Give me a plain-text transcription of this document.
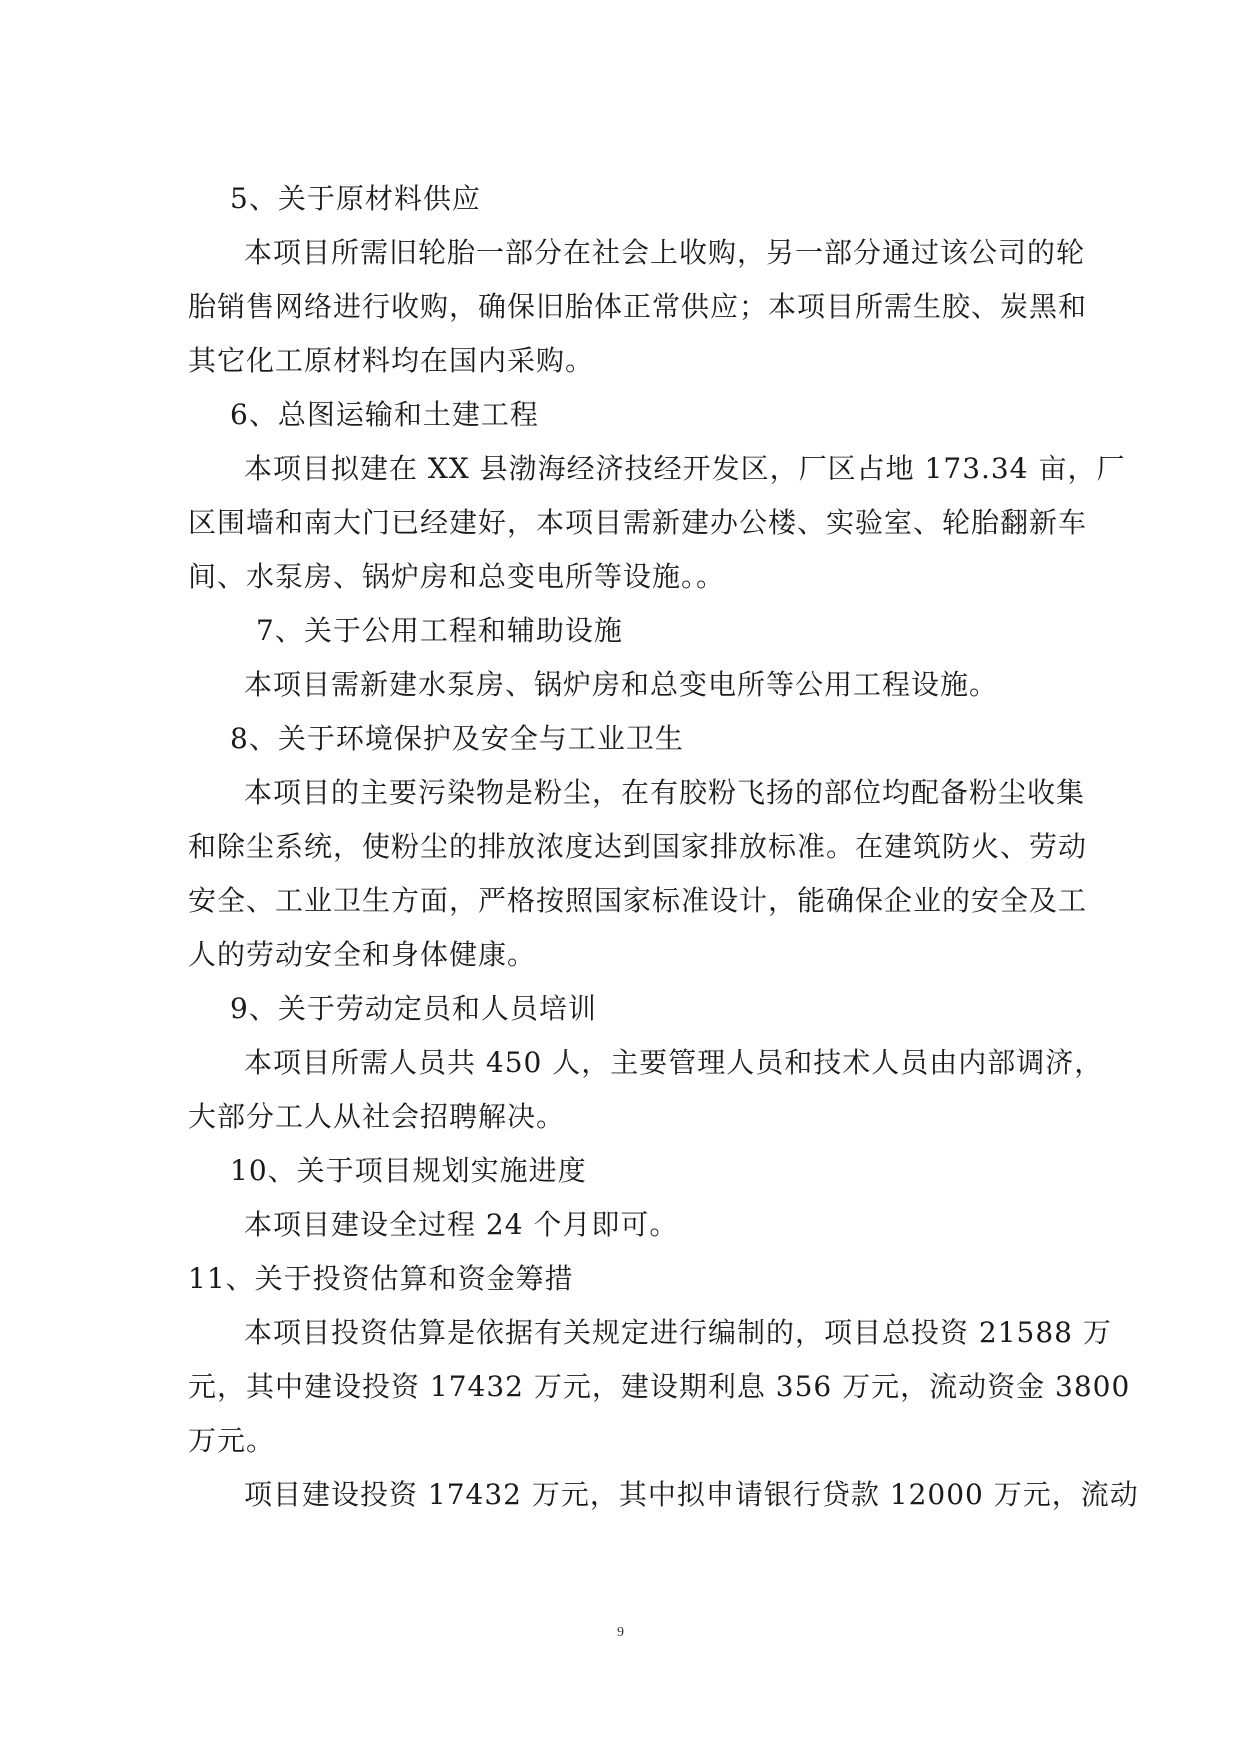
5、关于原材料供应
本项目所需旧轮胎一部分在社会上收购，另一部分通过该公司的轮
胎销售网络进行收购，确保旧胎体正常供应；本项目所需生胶、炭黑和
其它化工原材料均在国内采购。
6、总图运输和土建工程
本项目拟建在 XX 县渤海经济技经开发区，厂区占地 173.34 亩，厂
区围墙和南大门已经建好，本项目需新建办公楼、实验室、轮胎翻新车
间、水泵房、锅炉房和总变电所等设施。。
7、关于公用工程和辅助设施
本项目需新建水泵房、锅炉房和总变电所等公用工程设施。
8、关于环境保护及安全与工业卫生
本项目的主要污染物是粉尘，在有胶粉飞扬的部位均配备粉尘收集
和除尘系统，使粉尘的排放浓度达到国家排放标准。在建筑防火、劳动
安全、工业卫生方面，严格按照国家标准设计，能确保企业的安全及工
人的劳动安全和身体健康。
9、关于劳动定员和人员培训
本项目所需人员共 450 人，主要管理人员和技术人员由内部调济，
大部分工人从社会招聘解决。
10、关于项目规划实施进度
本项目建设全过程 24 个月即可。
11、关于投资估算和资金筹措
本项目投资估算是依据有关规定进行编制的，项目总投资 21588 万
元，其中建设投资 17432 万元，建设期利息 356 万元，流动资金 3800
万元。
项目建设投资 17432 万元，其中拟申请银行贷款 12000 万元，流动
9
